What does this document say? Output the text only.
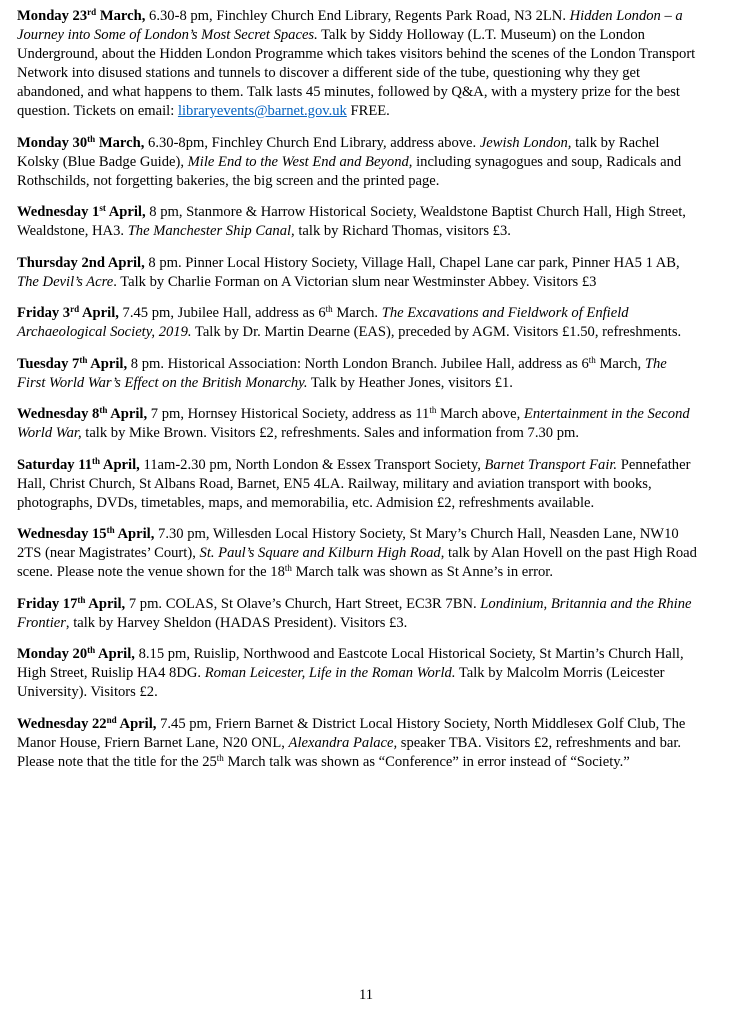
Monday 23rd March, 6.30-8 pm, Finchley Church End Library, Regents Park Road, N3 2LN. Hidden London – a Journey into Some of London’s Most Secret Spaces. Talk by Siddy Holloway (L.T. Museum) on the London Underground, about the Hidden London Programme which takes visitors behind the scenes of the London Transport Network into disused stations and tunnels to discover a different side of the tube, questioning why they get abandoned, and what happens to them. Talk lasts 45 minutes, followed by Q&A, with a mystery prize for the best question. Tickets on email: libraryevents@barnet.gov.uk FREE.

Monday 30th March, 6.30-8pm, Finchley Church End Library, address above. Jewish London, talk by Rachel Kolsky (Blue Badge Guide), Mile End to the West End and Beyond, including synagogues and soup, Radicals and Rothschilds, not forgetting bakeries, the big screen and the printed page.

Wednesday 1st April, 8 pm, Stanmore & Harrow Historical Society, Wealdstone Baptist Church Hall, High Street, Wealdstone, HA3. The Manchester Ship Canal, talk by Richard Thomas, visitors £3.

Thursday 2nd April, 8 pm. Pinner Local History Society, Village Hall, Chapel Lane car park, Pinner HA5 1 AB, The Devil’s Acre. Talk by Charlie Forman on A Victorian slum near Westminster Abbey. Visitors £3

Friday 3rd April, 7.45 pm, Jubilee Hall, address as 6th March. The Excavations and Fieldwork of Enfield Archaeological Society, 2019. Talk by Dr. Martin Dearne (EAS), preceded by AGM. Visitors £1.50, refreshments.

Tuesday 7th April, 8 pm. Historical Association: North London Branch. Jubilee Hall, address as 6th March, The First World War’s Effect on the British Monarchy. Talk by Heather Jones, visitors £1.

Wednesday 8th April, 7 pm, Hornsey Historical Society, address as 11th March above, Entertainment in the Second World War, talk by Mike Brown. Visitors £2, refreshments. Sales and information from 7.30 pm.

Saturday 11th April, 11am-2.30 pm, North London & Essex Transport Society, Barnet Transport Fair. Pennefather Hall, Christ Church, St Albans Road, Barnet, EN5 4LA. Railway, military and aviation transport with books, photographs, DVDs, timetables, maps, and memorabilia, etc. Admision £2, refreshments available.

Wednesday 15th April, 7.30 pm, Willesden Local History Society, St Mary’s Church Hall, Neasden Lane, NW10 2TS (near Magistrates’ Court), St. Paul’s Square and Kilburn High Road, talk by Alan Hovell on the past High Road scene. Please note the venue shown for the 18th March talk was shown as St Anne’s in error.

Friday 17th April, 7 pm. COLAS, St Olave’s Church, Hart Street, EC3R 7BN. Londinium, Britannia and the Rhine Frontier, talk by Harvey Sheldon (HADAS President). Visitors £3.

Monday 20th April, 8.15 pm, Ruislip, Northwood and Eastcote Local Historical Society, St Martin’s Church Hall, High Street, Ruislip HA4 8DG. Roman Leicester, Life in the Roman World. Talk by Malcolm Morris (Leicester University). Visitors £2.

Wednesday 22nd April, 7.45 pm, Friern Barnet & District Local History Society, North Middlesex Golf Club, The Manor House, Friern Barnet Lane, N20 ONL, Alexandra Palace, speaker TBA. Visitors £2, refreshments and bar. Please note that the title for the 25th March talk was shown as “Conference” in error instead of “Society.”

11
